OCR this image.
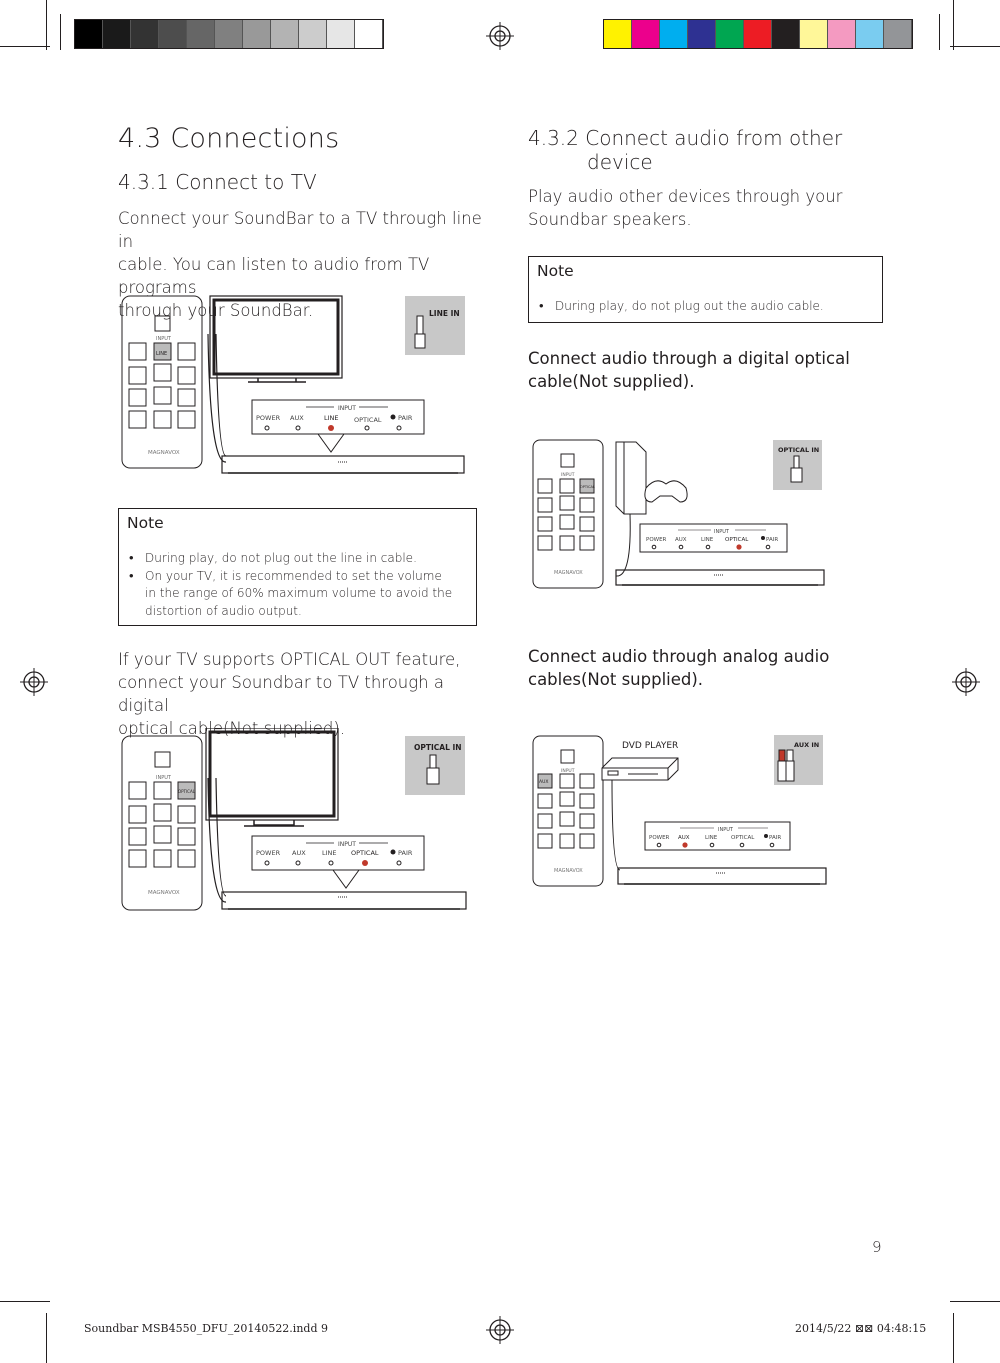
4.3 Connections
4.3.1 Connect to TV
Connect your SoundBar to a TV through line in
cable. You can listen to audio from TV programs
through your SoundBar.
INPUT
LINE
MAGNAVOX
INPUT
POWER AUX	LINE OPTICAL	PAIR
LINE IN
Note
• During play, do not plug out the line in cable.
• On your TV, it is recommended to set the volume
in the range of 60% maximum volume to avoid the
distortion of audio output.
If your TV supports OPTICAL OUT feature,
connect your Soundbar to TV through a digital
optical cable(Not supplied).
INPUT
OPTICAL
MAGNAVOX
INPUT
POWER AUX	LINE OPTICAL	PAIR
OPTICAL IN
4.3.2 Connect audio from other
device
Play audio other devices through your
Soundbar speakers.
Note
• During play, do not plug out the audio cable.
Connect audio through a digital optical
cable(Not supplied).
INPUT
OPTICAL
MAGNAVOX
INPUT
POWER AUX	LINE OPTICAL	PAIR
OPTICAL IN
Connect audio through analog audio
cables(Not supplied).
INPUT
AUX
MAGNAVOX
DVD PLAYER
INPUT
POWER AUX	LINE OPTICAL	PAIR
AUX IN
9
Soundbar MSB4550_DFU_20140522.indd 9	2014/5/22 ⊠⊠ 04:48:15
